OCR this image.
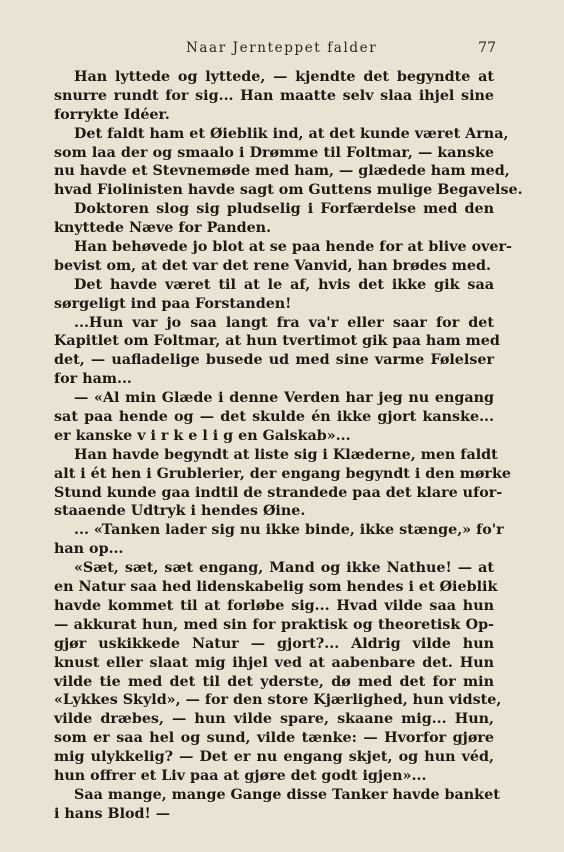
Naar Jernteppet falder	77
Han lyttede og lyttede, — kjendte det begyndte at
snurre rundt for sig... Han maatte selv slaa ihjel sine
forrykte Idéer.
Det faldt ham et Øieblik ind, at det kunde været Arna,
som laa der og smaalo i Drømme til Foltmar, — kanske
nu havde et Stevnemøde med ham, — glædede ham med,
hvad Fiolinisten havde sagt om Guttens mulige Begavelse.
Doktoren slog sig pludselig i Forfærdelse med den
knyttede Næve for Panden.
Han behøvede jo blot at se paa hende for at blive over-
bevist om, at det var det rene Vanvid, han brødes med.
Det havde været til at le af, hvis det ikke gik saa
sørgeligt ind paa Forstanden!
...Hun var jo saa langt fra va'r eller saar for det
Kapitlet om Foltmar, at hun tvertimot gik paa ham med
det, — uafladelige busede ud med sine varme Følelser
for ham...
— «Al min Glæde i denne Verden har jeg nu engang
sat paa hende og — det skulde én ikke gjort kanske...
er kanske v i r k e l i g en Galskab»...
Han havde begyndt at liste sig i Klæderne, men faldt
alt i ét hen i Grublerier, der engang begyndt i den mørke
Stund kunde gaa indtil de strandede paa det klare ufor-
staaende Udtryk i hendes Øine.
... «Tanken lader sig nu ikke binde, ikke stænge,» fo'r
han op...
«Sæt, sæt, sæt engang, Mand og ikke Nathue! — at
en Natur saa hed lidenskabelig som hendes i et Øieblik
havde kommet til at forløbe sig... Hvad vilde saa hun
— akkurat hun, med sin for praktisk og theoretisk Op-
gjør uskikkede Natur — gjort?... Aldrig vilde hun
knust eller slaat mig ihjel ved at aabenbare det. Hun
vilde tie med det til det yderste, dø med det for min
«Lykkes Skyld», — for den store Kjærlighed, hun vidste,
vilde dræbes, — hun vilde spare, skaane mig... Hun,
som er saa hel og sund, vilde tænke: — Hvorfor gjøre
mig ulykkelig? — Det er nu engang skjet, og hun véd,
hun offrer et Liv paa at gjøre det godt igjen»...
Saa mange, mange Gange disse Tanker havde banket
i hans Blod! —
